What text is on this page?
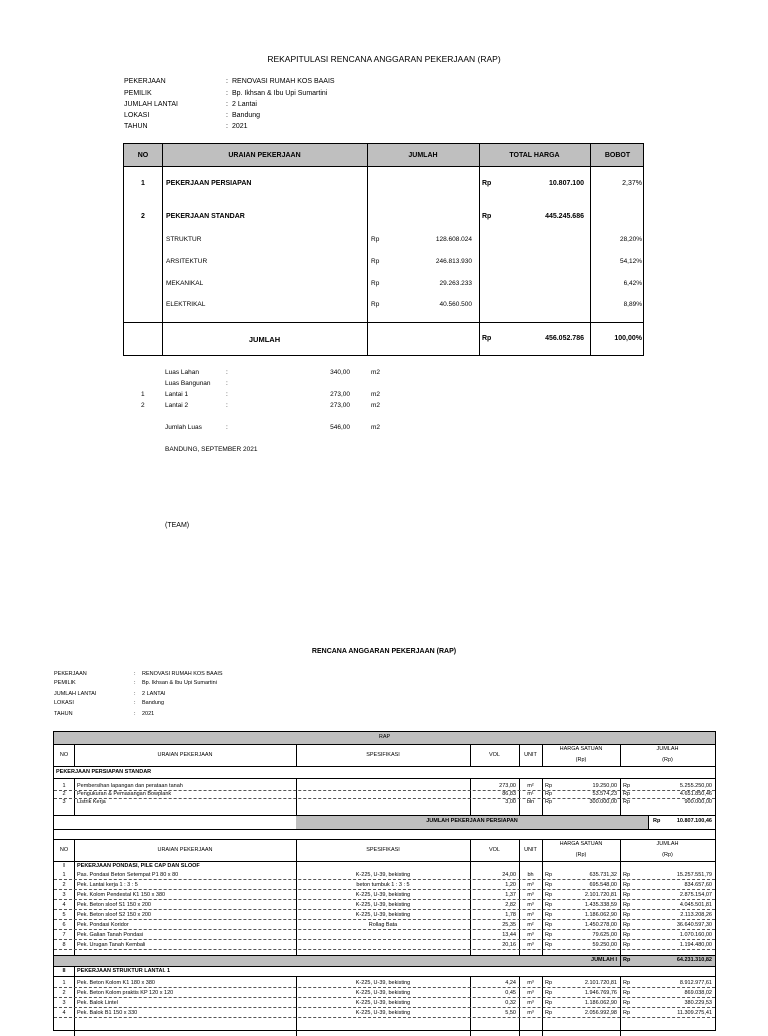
REKAPITULASI RENCANA ANGGARAN PEKERJAAN (RAP)
PEKERJAAN	: RENOVASI RUMAH KOS BAAIS
PEMILIK	: Bp. Ikhsan & Ibu Upi Sumartini
JUMLAH LANTAI	: 2 Lantai
LOKASI	: Bandung
TAHUN	: 2021
NO	URAIAN PEKERJAAN	JUMLAH	TOTAL HARGA	BOBOT
1	PEKERJAAN PERSIAPAN	Rp	10.807.100	2,37%
2	PEKERJAAN STANDAR	Rp	445.245.686
STRUKTUR	Rp	128.608.024	28,20%
ARSITEKTUR	Rp	246.813.930	54,12%
MEKANIKAL	Rp	29.263.233	6,42%
ELEKTRIKAL	Rp	40.560.500	8,89%
JUMLAH	Rp	456.052.786	100,00%
Luas Lahan	:	340,00	m2
Luas Bangunan :
1	Lantai 1	:	273,00	m2
2	Lantai 2	:	273,00	m2
Jumlah Luas	:	546,00	m2
BANDUNG, SEPTEMBER 2021
(TEAM)
RENCANA ANGGARAN PEKERJAAN (RAP)
PEKERJAAN	: RENOVASI RUMAH KOS BAAIS
PEMILIK	: Bp. Ikhsan & Ibu Upi Sumartini
JUMLAH LANTAI	: 2 LANTAI
LOKASI	: Bandung
TAHUN	: 2021
RAP
NO	URAIAN PEKERJAAN	SPESIFIKASI	VOL	UNIT
HARGA SATUAN
(Rp)
JUMLAH
(Rp)
PEKERJAAN PERSIAPAN STANDAR
1	Pembersihan lapangan dan perataan tanah	273,00	m²	Rp	19.250,00 Rp	5.255.250,00
2	Pengukuran & Pemasangan Bowplank	86,83	m¹	Rp	53.574,23 Rp	4.651.850,46
3	Listrik Kerja	3,00	bln	Rp	300.000,00 Rp	900.000,00
JUMLAH PEKERJAAN PERSIAPAN	Rp	10.807.100,46
NO	URAIAN PEKERJAAN	SPESIFIKASI	VOL	UNIT
HARGA SATUAN
(Rp)
JUMLAH
(Rp)
I	PEKERJAAN PONDASI, PILE CAP DAN SLOOF
1	Pas. Pondasi Beton Setempat P1 80 x 80	K-225, U-39, bekisting	24,00	bh	Rp	635.731,32 Rp	15.257.551,79
2	Pek. Lantai kerja 1 : 3 : 5	beton tumbuk 1 : 3 : 5	1,20	m³	Rp	695.548,00 Rp	834.657,60
3	Pek. Kolom Pendestal K1 150 x 380	K-225, U-39, bekisting	1,37	m³	Rp	2.101.720,81 Rp	2.875.154,07
4	Pek. Beton sloof S1 150 x 200	K-225, U-39, bekisting	2,82	m³	Rp	1.435.338,59 Rp	4.045.501,81
5	Pek. Beton sloof S2 150 x 200	K-225, U-39, bekisting	1,78	m³	Rp	1.186.062,90 Rp	2.113.208,26
6	Pek. Pondasi Koridor	Rollag Bata	25,35	m²	Rp	1.450.278,00 Rp	36.640.597,30
7	Pek. Galian Tanah Pondasi	13,44	m³	Rp	79.625,00 Rp	1.070.160,00
8	Pek. Urugan Tanah Kembali	20,16	m³	Rp	59.250,00 Rp	1.194.480,00
JUMLAH I Rp	64.231.310,82
II	PEKERJAAN STRUKTUR LANTAI. 1
1	Pek. Beton Kolom K1 180 x 380	K-225, U-39, bekisting	4,24	m³	Rp	2.101.720,81 Rp	8.912.977,61
2	Pek. Beton Kolom praktis KP 120 x 120	K-225, U-39, bekisting	0,45	m³	Rp	1.946.769,76 Rp	869.038,02
3	Pek. Balok Lintel	K-225, U-39, bekisting	0,32	m³	Rp	1.186.062,90 Rp	380.229,53
4	Pek. Balok B1 150 x 330	K-225, U-39, bekisting	5,50	m³	Rp	2.056.992,98 Rp	11.309.275,41
